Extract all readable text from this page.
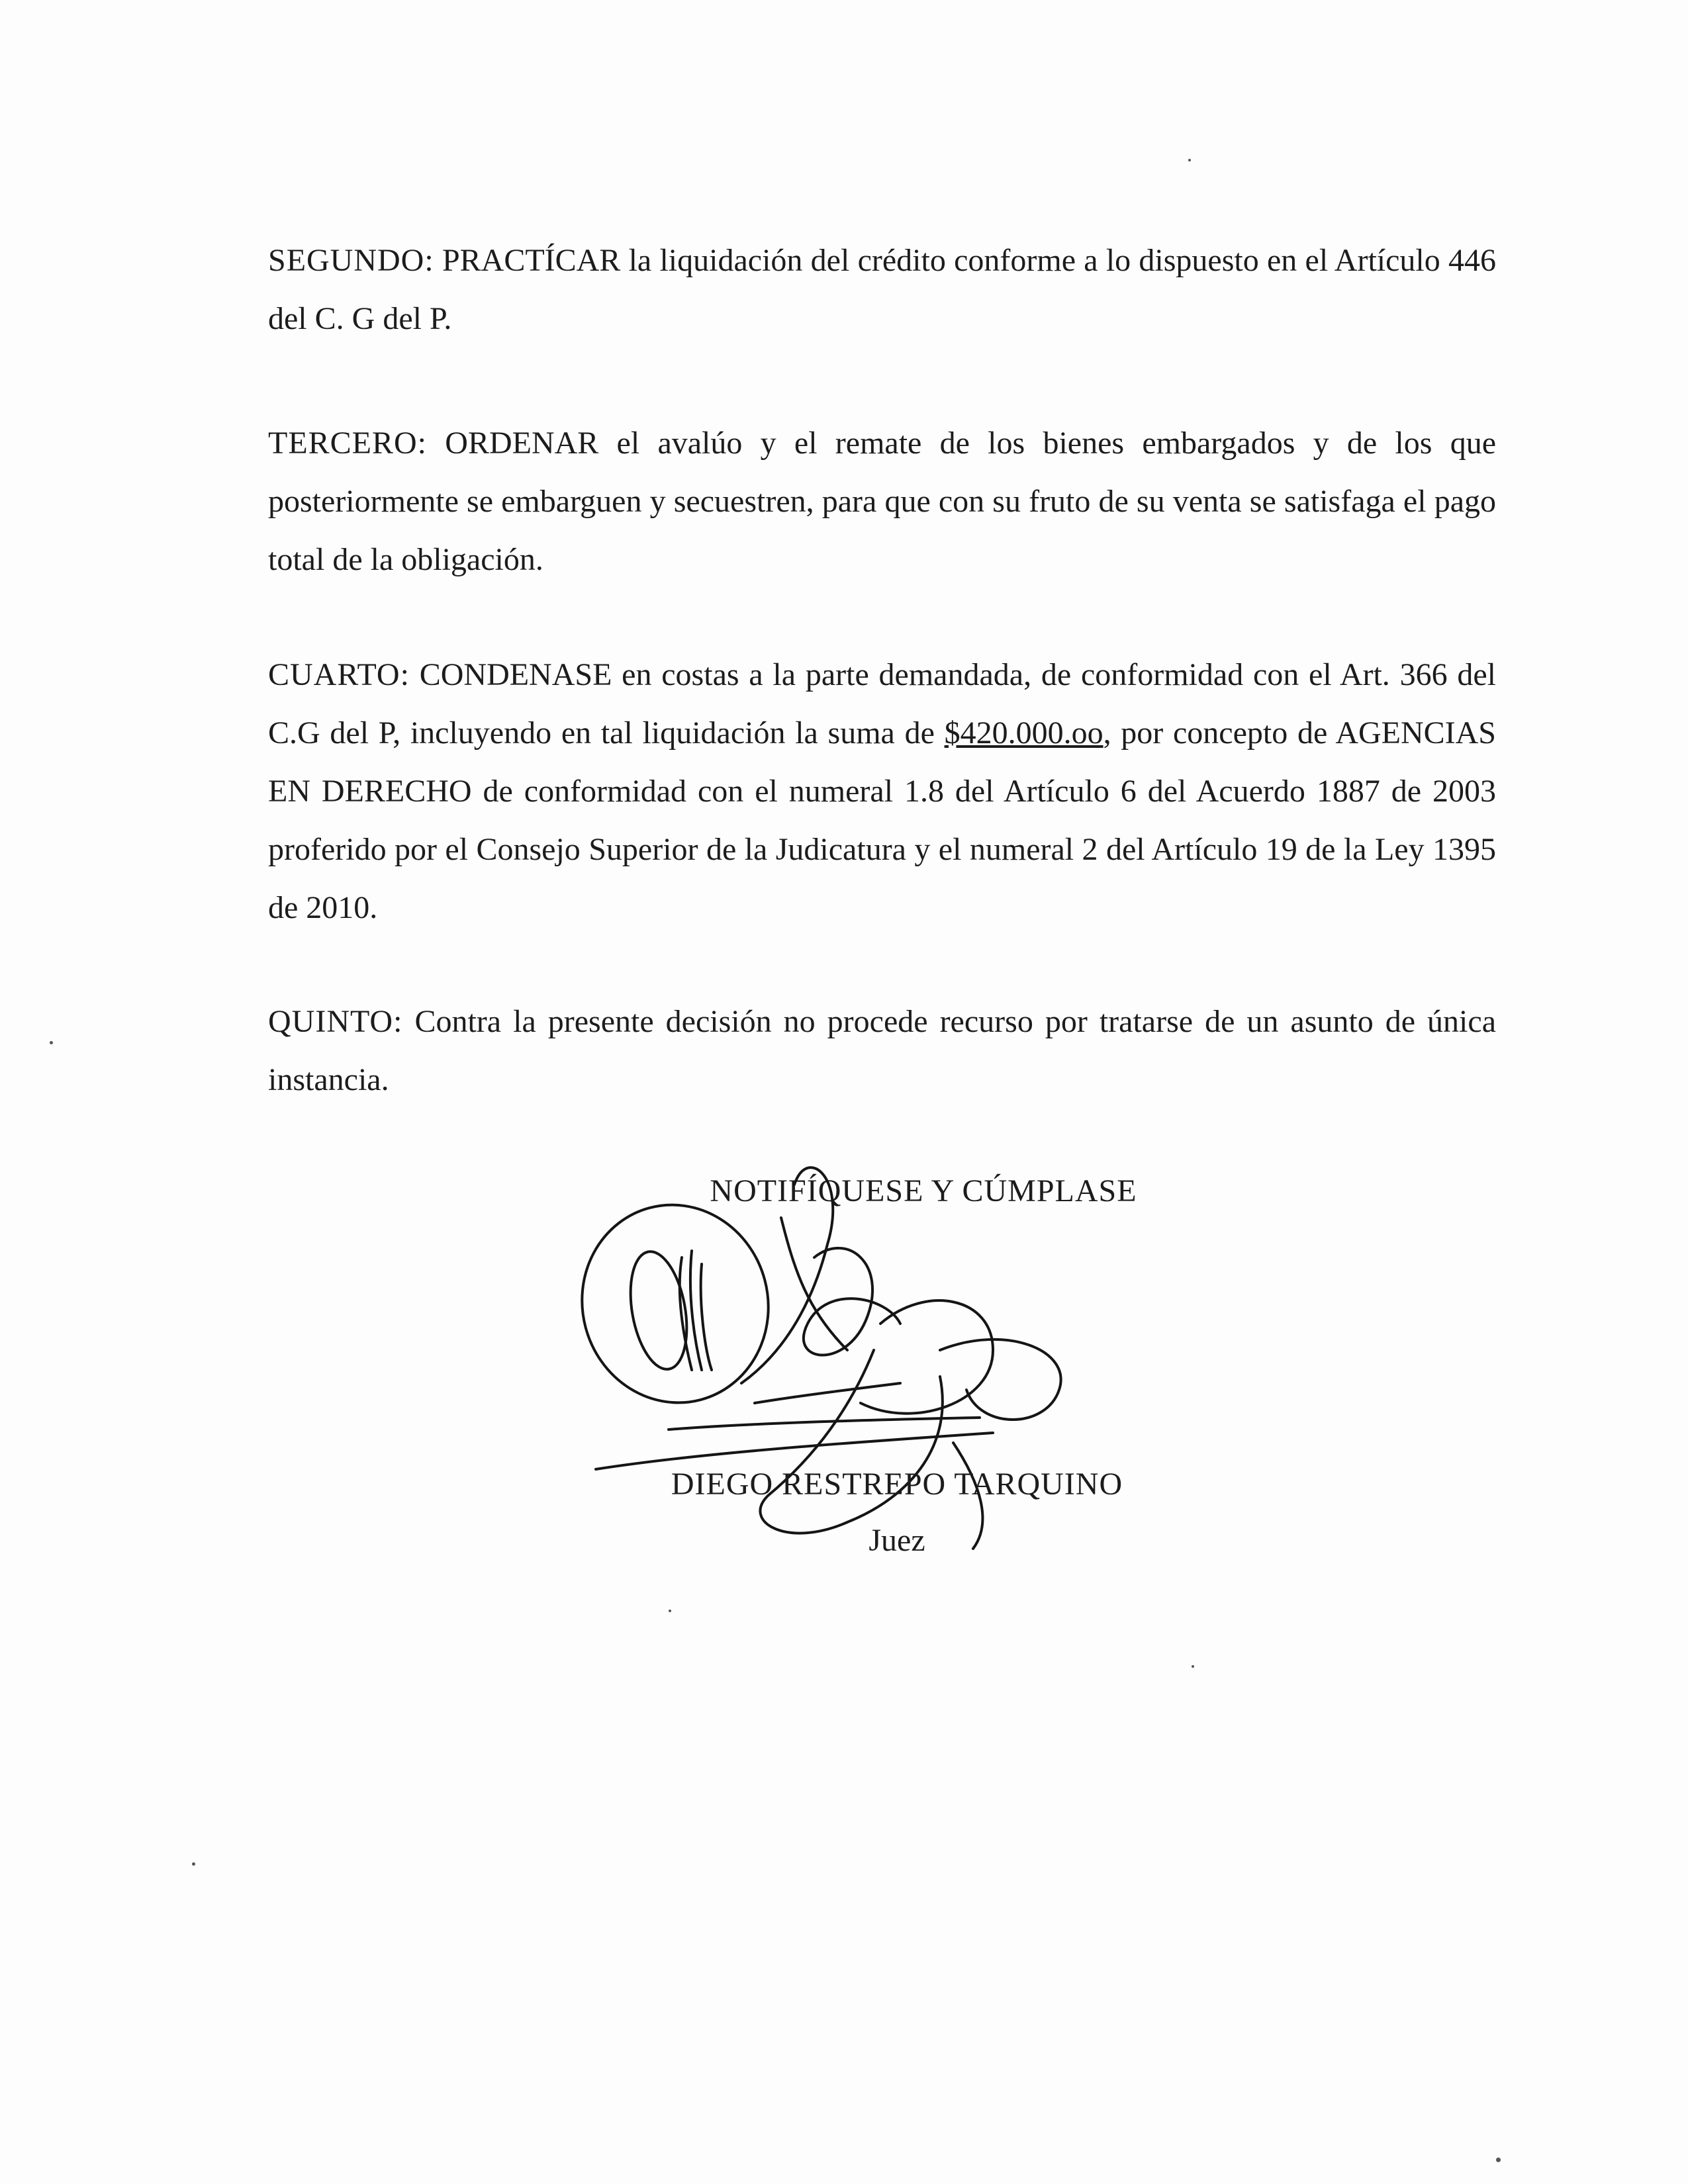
SEGUNDO: PRACTÍCAR la liquidación del crédito conforme a lo dispuesto en el Artículo 446 del C. G del P.
TERCERO: ORDENAR el avalúo y el remate de los bienes embargados y de los que posteriormente se embarguen y secuestren, para que con su fruto de su venta se satisfaga el pago total de la obligación.
CUARTO: CONDENASE en costas a la parte demandada, de conformidad con el Art. 366 del C.G del P, incluyendo en tal liquidación la suma de $420.000.oo, por concepto de AGENCIAS EN DERECHO de conformidad con el numeral 1.8 del Artículo 6 del Acuerdo 1887 de 2003 proferido por el Consejo Superior de la Judicatura y el numeral 2 del Artículo 19 de la Ley 1395 de 2010.
QUINTO: Contra la presente decisión no procede recurso por tratarse de un asunto de única instancia.
NOTIFÍQUESE Y CÚMPLASE
DIEGO RESTREPO TARQUINO
Juez
